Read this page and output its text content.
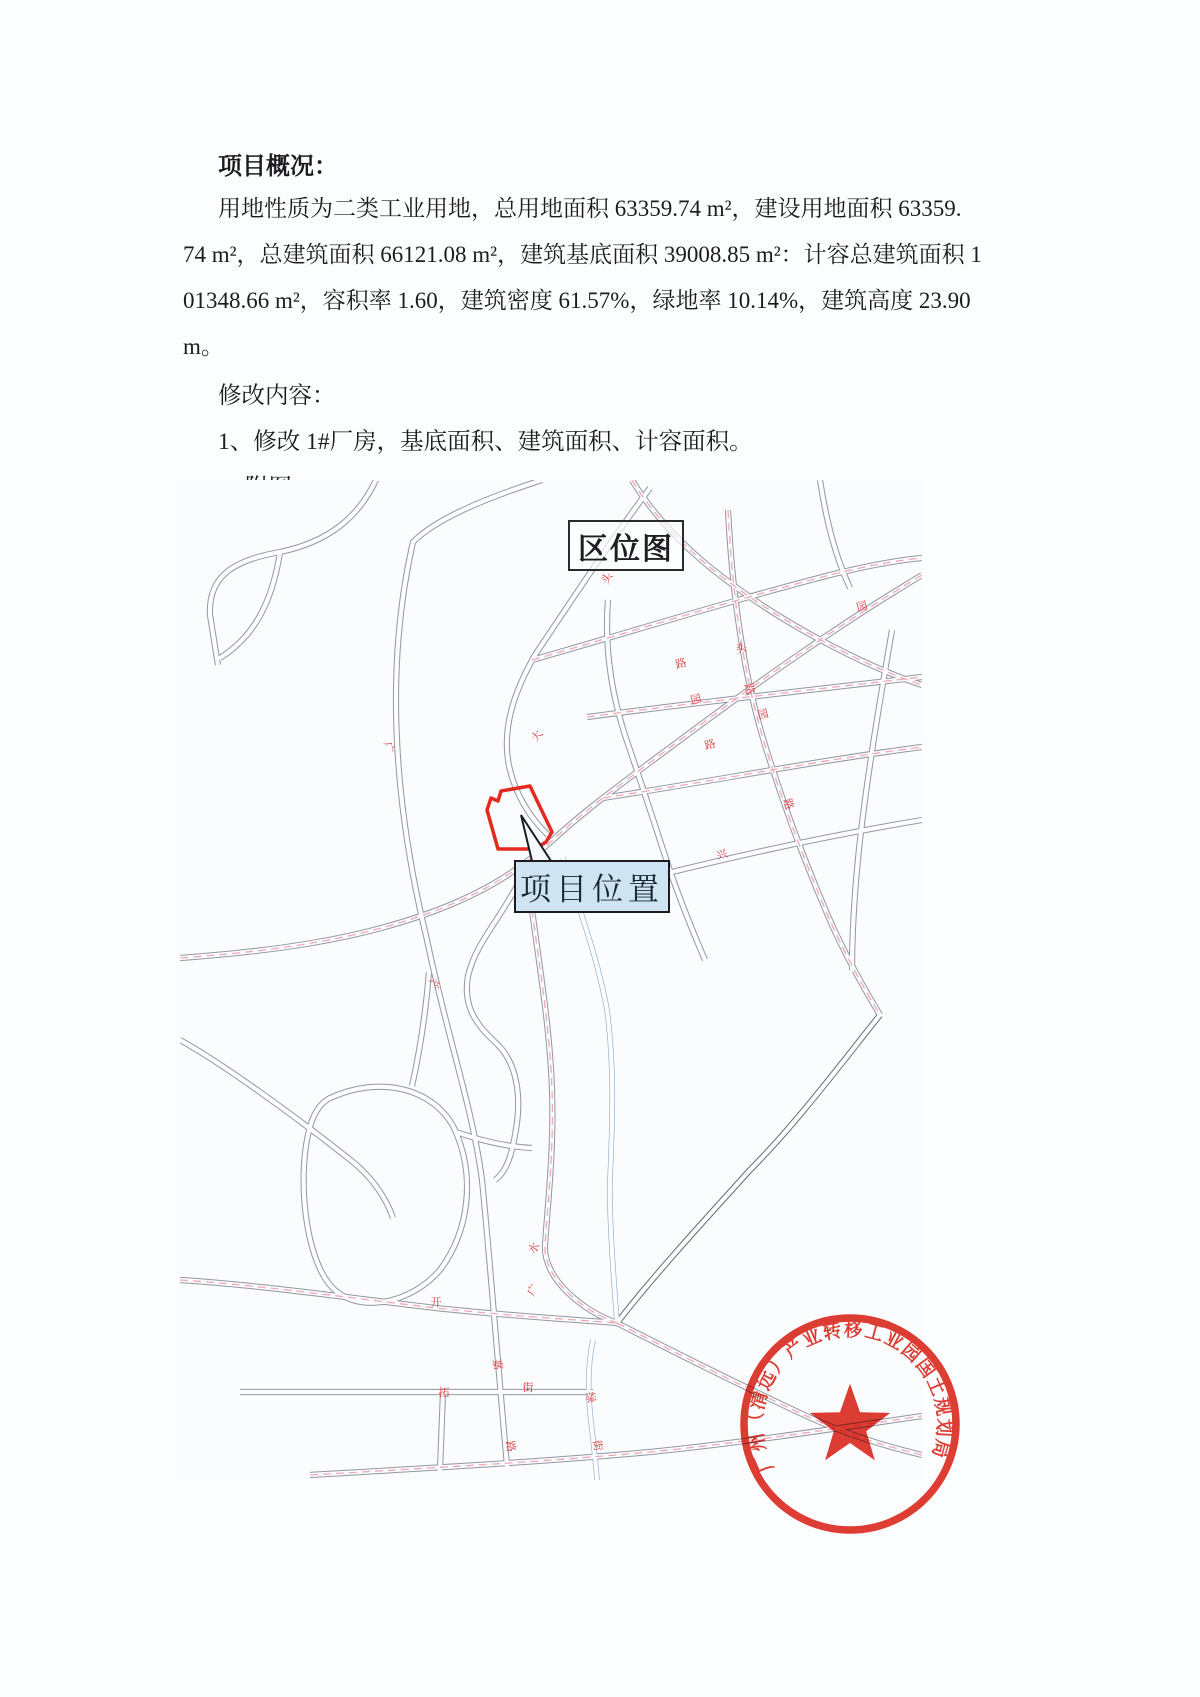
项目概况：
用地性质为二类工业用地，总用地面积 63359.74 m²，建设用地面积 63359.
74 m²，总建筑面积 66121.08 m²，建筑基底面积 39008.85 m²：计容总建筑面积 1
01348.66 m²，容积率 1.60，建筑密度 61.57%，绿地率 10.14%，建筑高度 23.90
m。
修改内容：
1、修改 1#厂房，基底面积、建筑面积、计容面积。
大
路
头
园
路
园
路
路
兴
头
园
广
产
水
广
开
嘉
拓	街
路
绿
街
区位图
项目位置
广州（清远）产业转移工业园国土规划局
